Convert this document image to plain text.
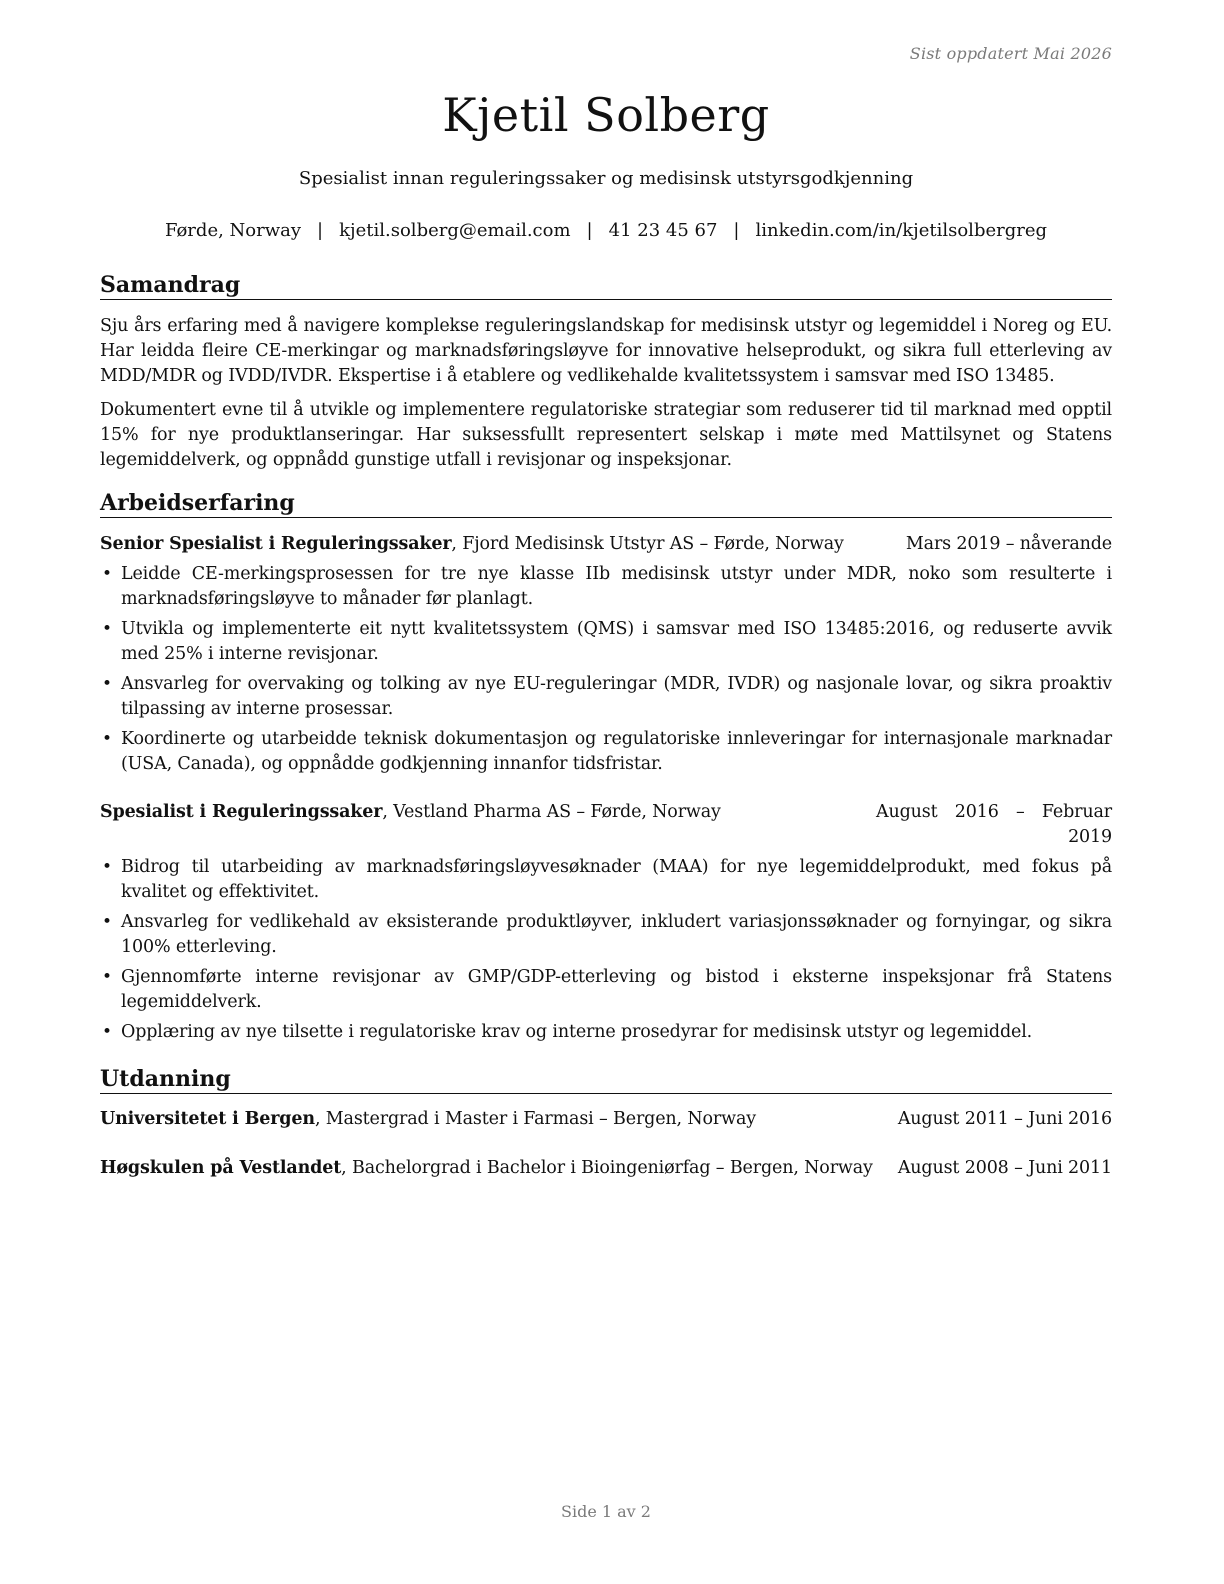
Sist oppdatert Mai 2026
Kjetil Solberg
Spesialist innan reguleringssaker og medisinsk utstyrsgodkjenning
Førde, Norway | kjetil.solberg@email.com | 41 23 45 67 | linkedin.com/in/kjetilsolbergreg
Samandrag
Sju års erfaring med å navigere komplekse reguleringslandskap for medisinsk utstyr og legemiddel i Noreg og EU. Har leidda fleire CE-merkingar og marknadsføringsløyve for innovative helseprodukt, og sikra full etterleving av MDD/MDR og IVDD/IVDR. Ekspertise i å etablere og vedlikehalde kvalitetssystem i samsvar med ISO 13485.
Dokumentert evne til å utvikle og implementere regulatoriske strategiar som reduserer tid til marknad med opptil 15% for nye produktlanseringar. Har suksessfullt representert selskap i møte med Mattilsynet og Statens legemiddelverk, og oppnådd gunstige utfall i revisjonar og inspeksjonar.
Arbeidserfaring
Senior Spesialist i Reguleringssaker, Fjord Medisinsk Utstyr AS – Førde, Norway	Mars 2019 – nåverande
• Leidde CE-merkingsprosessen for tre nye klasse IIb medisinsk utstyr under MDR, noko som resulterte i marknadsføringsløyve to månader før planlagt.
• Utvikla og implementerte eit nytt kvalitetssystem (QMS) i samsvar med ISO 13485:2016, og reduserte avvik med 25% i interne revisjonar.
• Ansvarleg for overvaking og tolking av nye EU-reguleringar (MDR, IVDR) og nasjonale lovar, og sikra proaktiv tilpassing av interne prosessar.
• Koordinerte og utarbeidde teknisk dokumentasjon og regulatoriske innleveringar for internasjonale marknadar (USA, Canada), og oppnådde godkjenning innanfor tidsfristar.
Spesialist i Reguleringssaker, Vestland Pharma AS – Førde, Norway	August 2016 – Februar
2019
• Bidrog til utarbeiding av marknadsføringsløyvesøknader (MAA) for nye legemiddelprodukt, med fokus på kvalitet og effektivitet.
• Ansvarleg for vedlikehald av eksisterande produktløyver, inkludert variasjonssøknader og fornyingar, og sikra 100% etterleving.
• Gjennomførte interne revisjonar av GMP/GDP-etterleving og bistod i eksterne inspeksjonar frå Statens legemiddelverk.
• Opplæring av nye tilsette i regulatoriske krav og interne prosedyrar for medisinsk utstyr og legemiddel.
Utdanning
Universitetet i Bergen, Mastergrad i Master i Farmasi – Bergen, Norway	August 2011 – Juni 2016
Høgskulen på Vestlandet, Bachelorgrad i Bachelor i Bioingeniørfag – Bergen, Norway August 2008 – Juni 2011
Side 1 av 2
